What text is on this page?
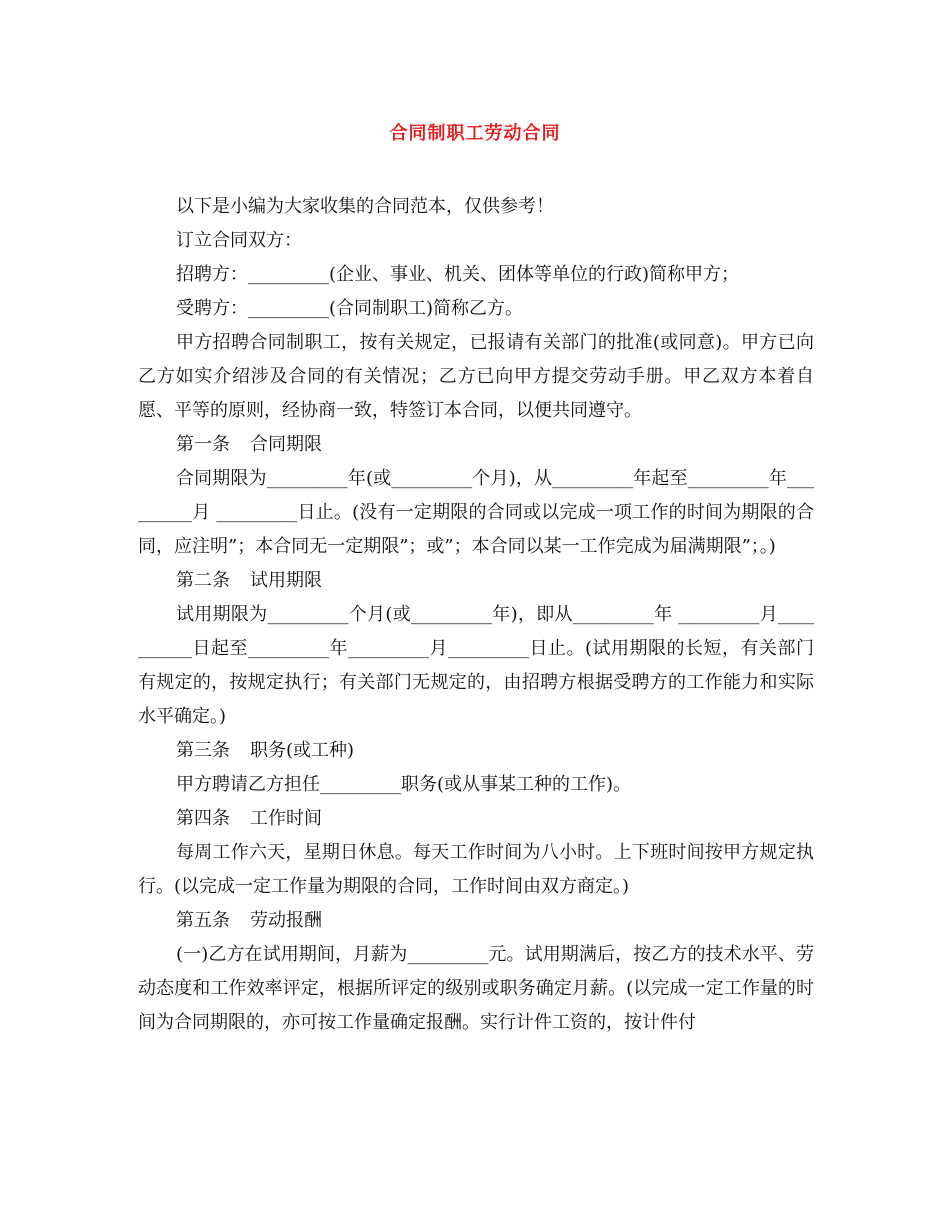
合同制职工劳动合同

以下是小编为大家收集的合同范本，仅供参考！

订立合同双方：

招聘方：_________(企业、事业、机关、团体等单位的行政)简称甲方；

受聘方：_________(合同制职工)简称乙方。

甲方招聘合同制职工，按有关规定，已报请有关部门的批准(或同意)。甲方已向乙方如实介绍涉及合同的有关情况；乙方已向甲方提交劳动手册。甲乙双方本着自愿、平等的原则，经协商一致，特签订本合同，以便共同遵守。

第一条 合同期限

合同期限为_________年(或_________个月)，从_________年起至_________年_________月 _________日止。(没有一定期限的合同或以完成一项工作的时间为期限的合同，应注明”；本合同无一定期限”；或”；本合同以某一工作完成为届满期限”；。)

第二条 试用期限

试用期限为_________个月(或_________年)，即从_________年 _________月__________日起至_________年_________月_________日止。(试用期限的长短，有关部门有规定的，按规定执行；有关部门无规定的，由招聘方根据受聘方的工作能力和实际水平确定。)

第三条 职务(或工种)

甲方聘请乙方担任_________职务(或从事某工种的工作)。

第四条 工作时间

每周工作六天，星期日休息。每天工作时间为八小时。上下班时间按甲方规定执行。(以完成一定工作量为期限的合同，工作时间由双方商定。)

第五条 劳动报酬

(一)乙方在试用期间，月薪为_________元。试用期满后，按乙方的技术水平、劳动态度和工作效率评定，根据所评定的级别或职务确定月薪。(以完成一定工作量的时间为合同期限的，亦可按工作量确定报酬。实行计件工资的，按计件付
